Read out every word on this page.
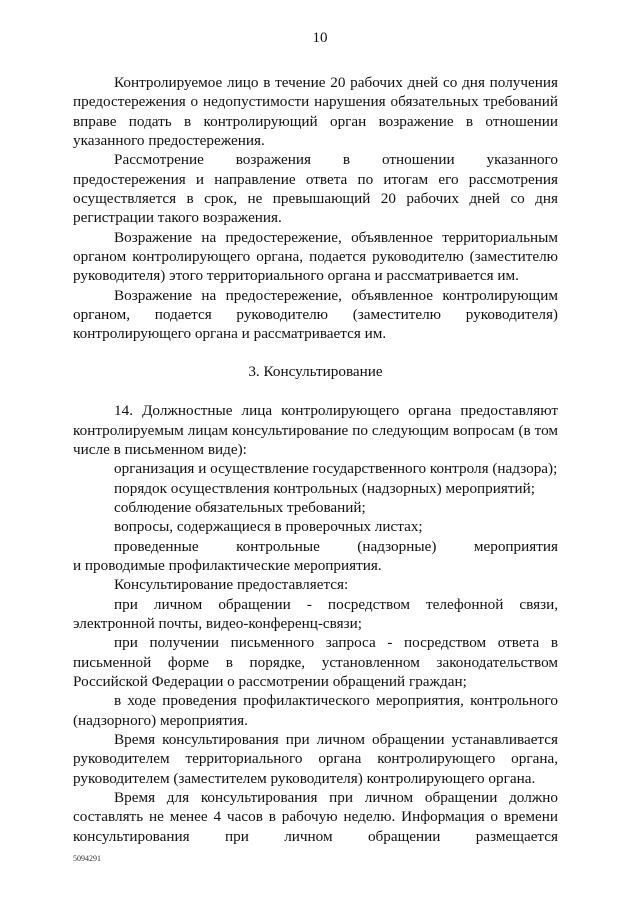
10

Контролируемое лицо в течение 20 рабочих дней со дня получения предостережения о недопустимости нарушения обязательных требований вправе подать в контролирующий орган возражение в отношении указанного предостережения.

Рассмотрение возражения в отношении указанного предостережения и направление ответа по итогам его рассмотрения осуществляется в срок, не превышающий 20 рабочих дней со дня регистрации такого возражения.

Возражение на предостережение, объявленное территориальным органом контролирующего органа, подается руководителю (заместителю руководителя) этого территориального органа и рассматривается им.

Возражение на предостережение, объявленное контролирующим органом, подается руководителю (заместителю руководителя) контролирующего органа и рассматривается им.

3. Консультирование

14. Должностные лица контролирующего органа предоставляют контролируемым лицам консультирование по следующим вопросам (в том числе в письменном виде):

организация и осуществление государственного контроля (надзора);

порядок осуществления контрольных (надзорных) мероприятий;

соблюдение обязательных требований;

вопросы, содержащиеся в проверочных листах;

проведенные контрольные (надзорные) мероприятия

и проводимые профилактические мероприятия.

Консультирование предоставляется:

при личном обращении - посредством телефонной связи, электронной почты, видео-конференц-связи;

при получении письменного запроса - посредством ответа в письменной форме в порядке, установленном законодательством Российской Федерации о рассмотрении обращений граждан;

в ходе проведения профилактического мероприятия, контрольного (надзорного) мероприятия.

Время консультирования при личном обращении устанавливается руководителем территориального органа контролирующего органа, руководителем (заместителем руководителя) контролирующего органа.

Время для консультирования при личном обращении должно составлять не менее 4 часов в рабочую неделю. Информация о времени консультирования при личном обращении размещается

5094291
